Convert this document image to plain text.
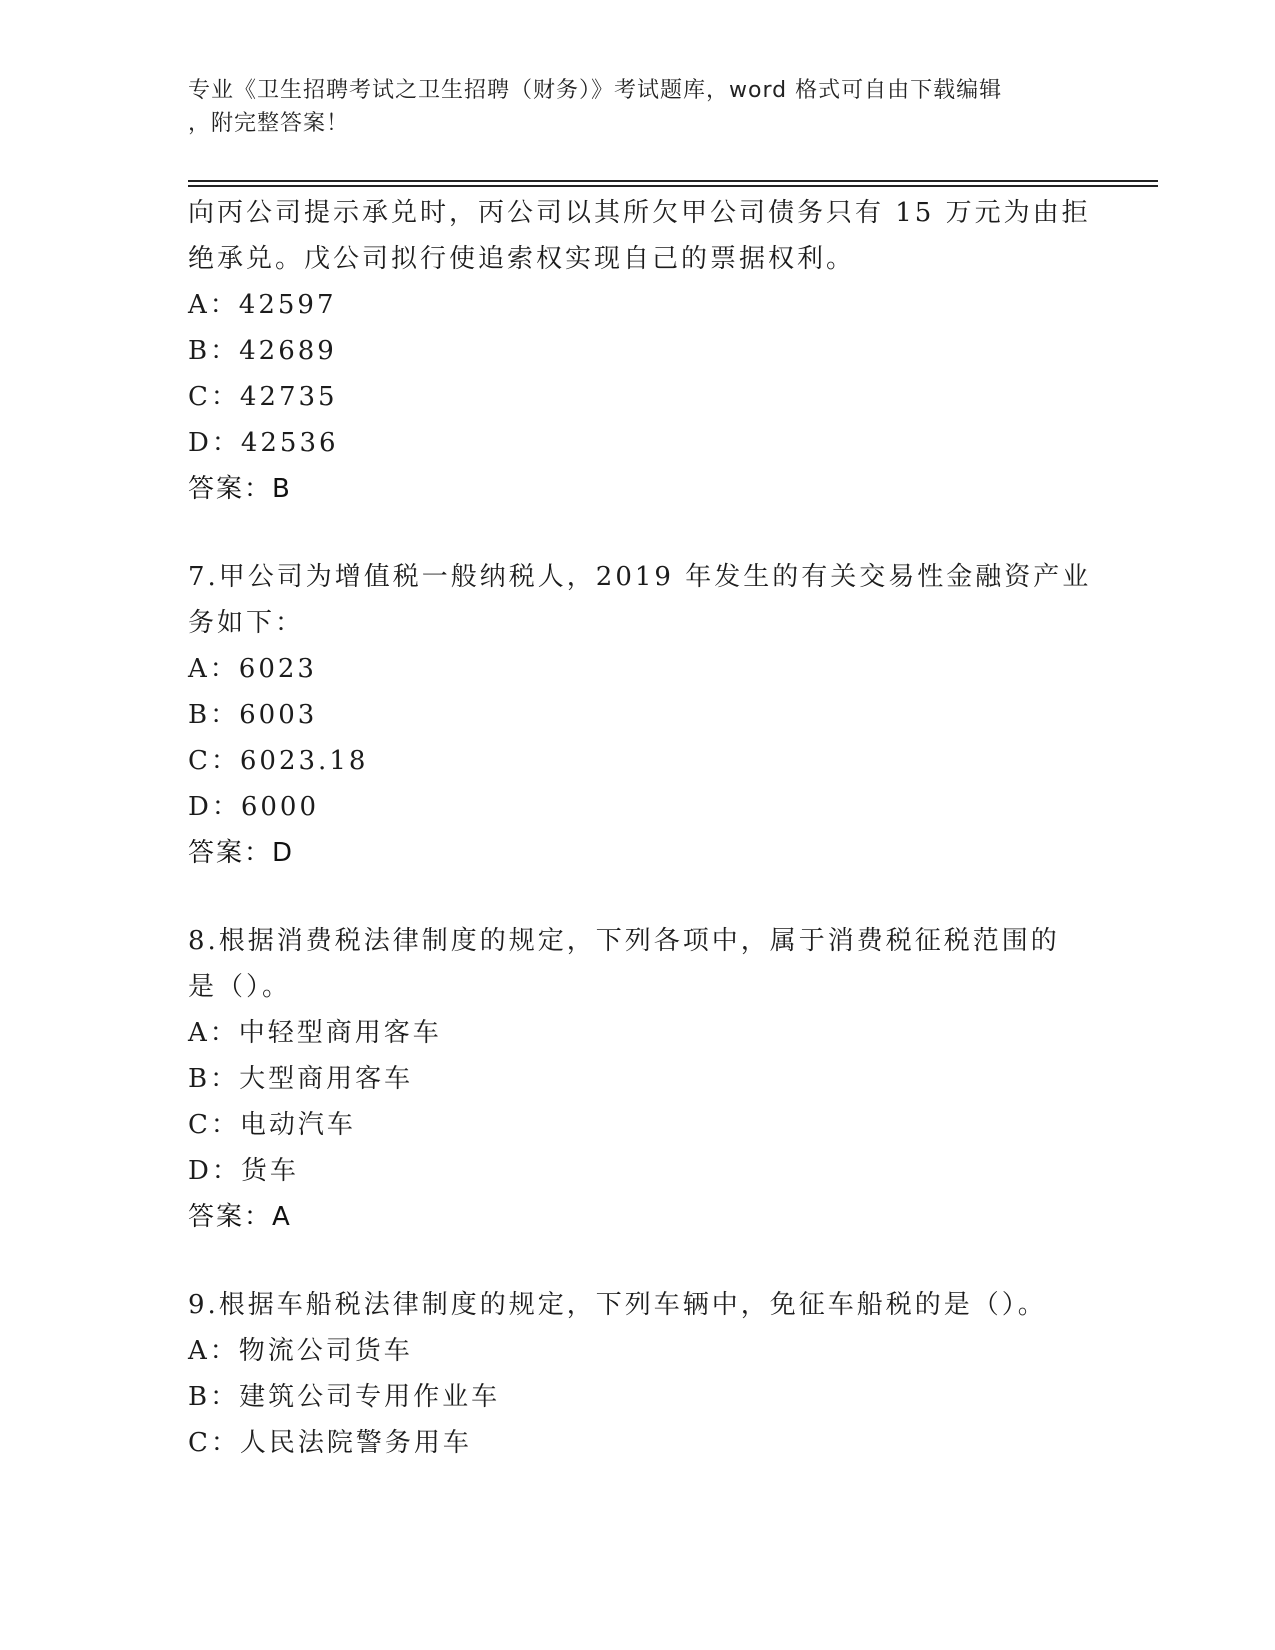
专业《卫生招聘考试之卫生招聘（财务）》考试题库，word 格式可自由下载编辑
，附完整答案！
向丙公司提示承兑时，丙公司以其所欠甲公司债务只有 15 万元为由拒
绝承兑。戊公司拟行使追索权实现自己的票据权利。
A：42597
B：42689
C：42735
D：42536
答案：B
7.甲公司为增值税一般纳税人，2019 年发生的有关交易性金融资产业
务如下：
A：6023
B：6003
C：6023.18
D：6000
答案：D
8.根据消费税法律制度的规定，下列各项中，属于消费税征税范围的
是（）。
A：中轻型商用客车
B：大型商用客车
C：电动汽车
D：货车
答案：A
9.根据车船税法律制度的规定，下列车辆中，免征车船税的是（）。
A：物流公司货车
B：建筑公司专用作业车
C：人民法院警务用车
